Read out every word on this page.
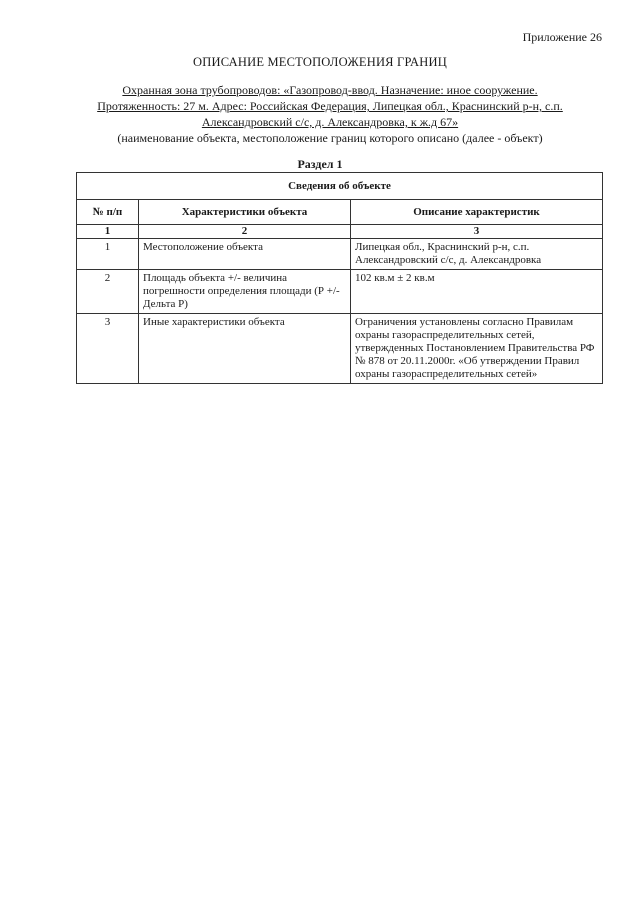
Приложение 26
ОПИСАНИЕ МЕСТОПОЛОЖЕНИЯ ГРАНИЦ
Охранная зона трубопроводов: «Газопровод-ввод. Назначение: иное сооружение.
Протяженность: 27 м. Адрес: Российская Федерация, Липецкая обл., Краснинский р-н, с.п.
Александровский с/с, д. Александровка, к ж.д 67»
(наименование объекта, местоположение границ которого описано (далее - объект)
Раздел 1
Сведения об объекте		
№ п/п	Характеристики объекта	Описание характеристик
1	2	3
1	Местоположение объекта	Липецкая обл., Краснинский р-н, с.п. Александровский с/с, д. Александровка
2	Площадь объекта +/- величина погрешности определения площади (Р +/- Дельта Р)	102 кв.м ± 2 кв.м
3	Иные характеристики объекта	Ограничения установлены согласно Правилам охраны газораспределительных сетей, утвержденных Постановлением Правительства РФ № 878 от 20.11.2000г. «Об утверждении Правил охраны газораспределительных сетей»
